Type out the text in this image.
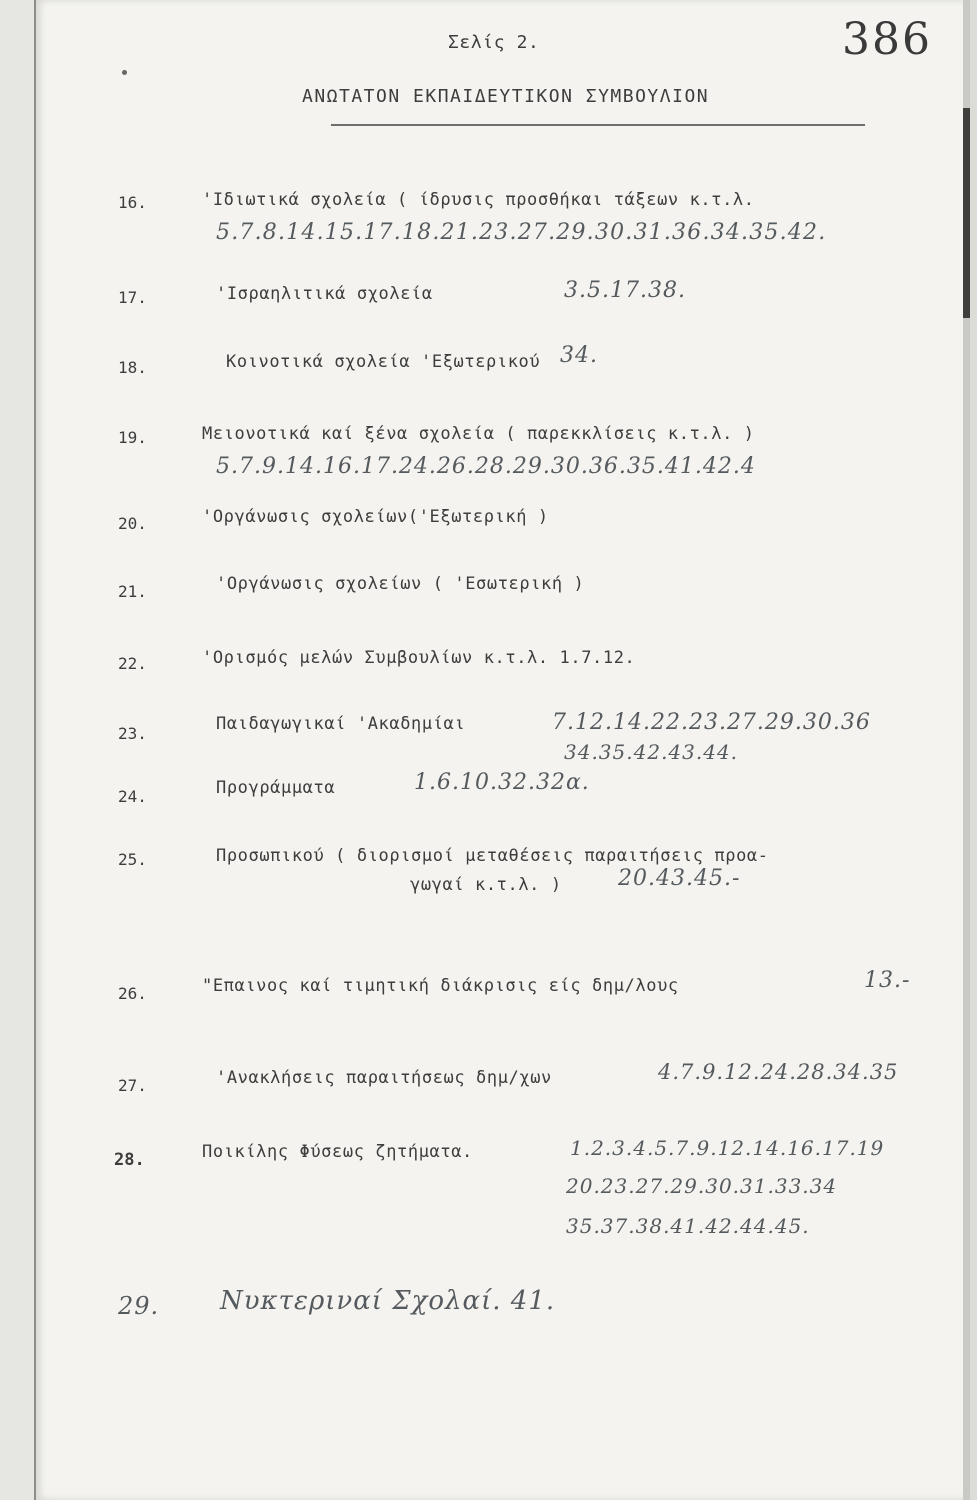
Σελίς 2.	386
ΑΝΩΤΑΤΟΝ ΕΚΠΑΙΔΕΥΤΙΚΟΝ ΣΥΜΒΟΥΛΙΟΝ
16.	'Ιδιωτικά σχολεία ( ίδρυσις προσθήκαι τάξεων κ.τ.λ.
5.7.8.14.15.17.18.21.23.27.29.30.31.36.34.35.42.
17.	'Ισραηλιτικά σχολεία	3.5.17.38.
18.	Κοινοτικά σχολεία 'Εξωτερικού 34.
19.	Μειονοτικά καί ξένα σχολεία ( παρεκκλίσεις κ.τ.λ. )
5.7.9.14.16.17.24.26.28.29.30.36.35.41.42.4
20.	'Οργάνωσις σχολείων('Εξωτερική )
21.	'Οργάνωσις σχολείων ( 'Εσωτερική )
22.	'Ορισμός μελών Συμβουλίων κ.τ.λ. 1.7.12.
23.	Παιδαγωγικαί 'Ακαδημίαι	7.12.14.22.23.27.29.30.36
34.35.42.43.44.
24.	Προγράμματα	1.6.10.32.32α.
25.	Προσωπικού ( διορισμοί μεταθέσεις παραιτήσεις προα-
γωγαί κ.τ.λ. )	20.43.45.-
26.	"Επαινος καί τιμητική διάκρισις είς δημ/λους	13.-
27.	'Ανακλήσεις παραιτήσεως δημ/χων	4.7.9.12.24.28.34.35
28.	Ποικίλης Φύσεως ζητήματα.	1.2.3.4.5.7.9.12.14.16.17.19
20.23.27.29.30.31.33.34
35.37.38.41.42.44.45.
29. Νυκτεριναί Σχολαί. 41.
